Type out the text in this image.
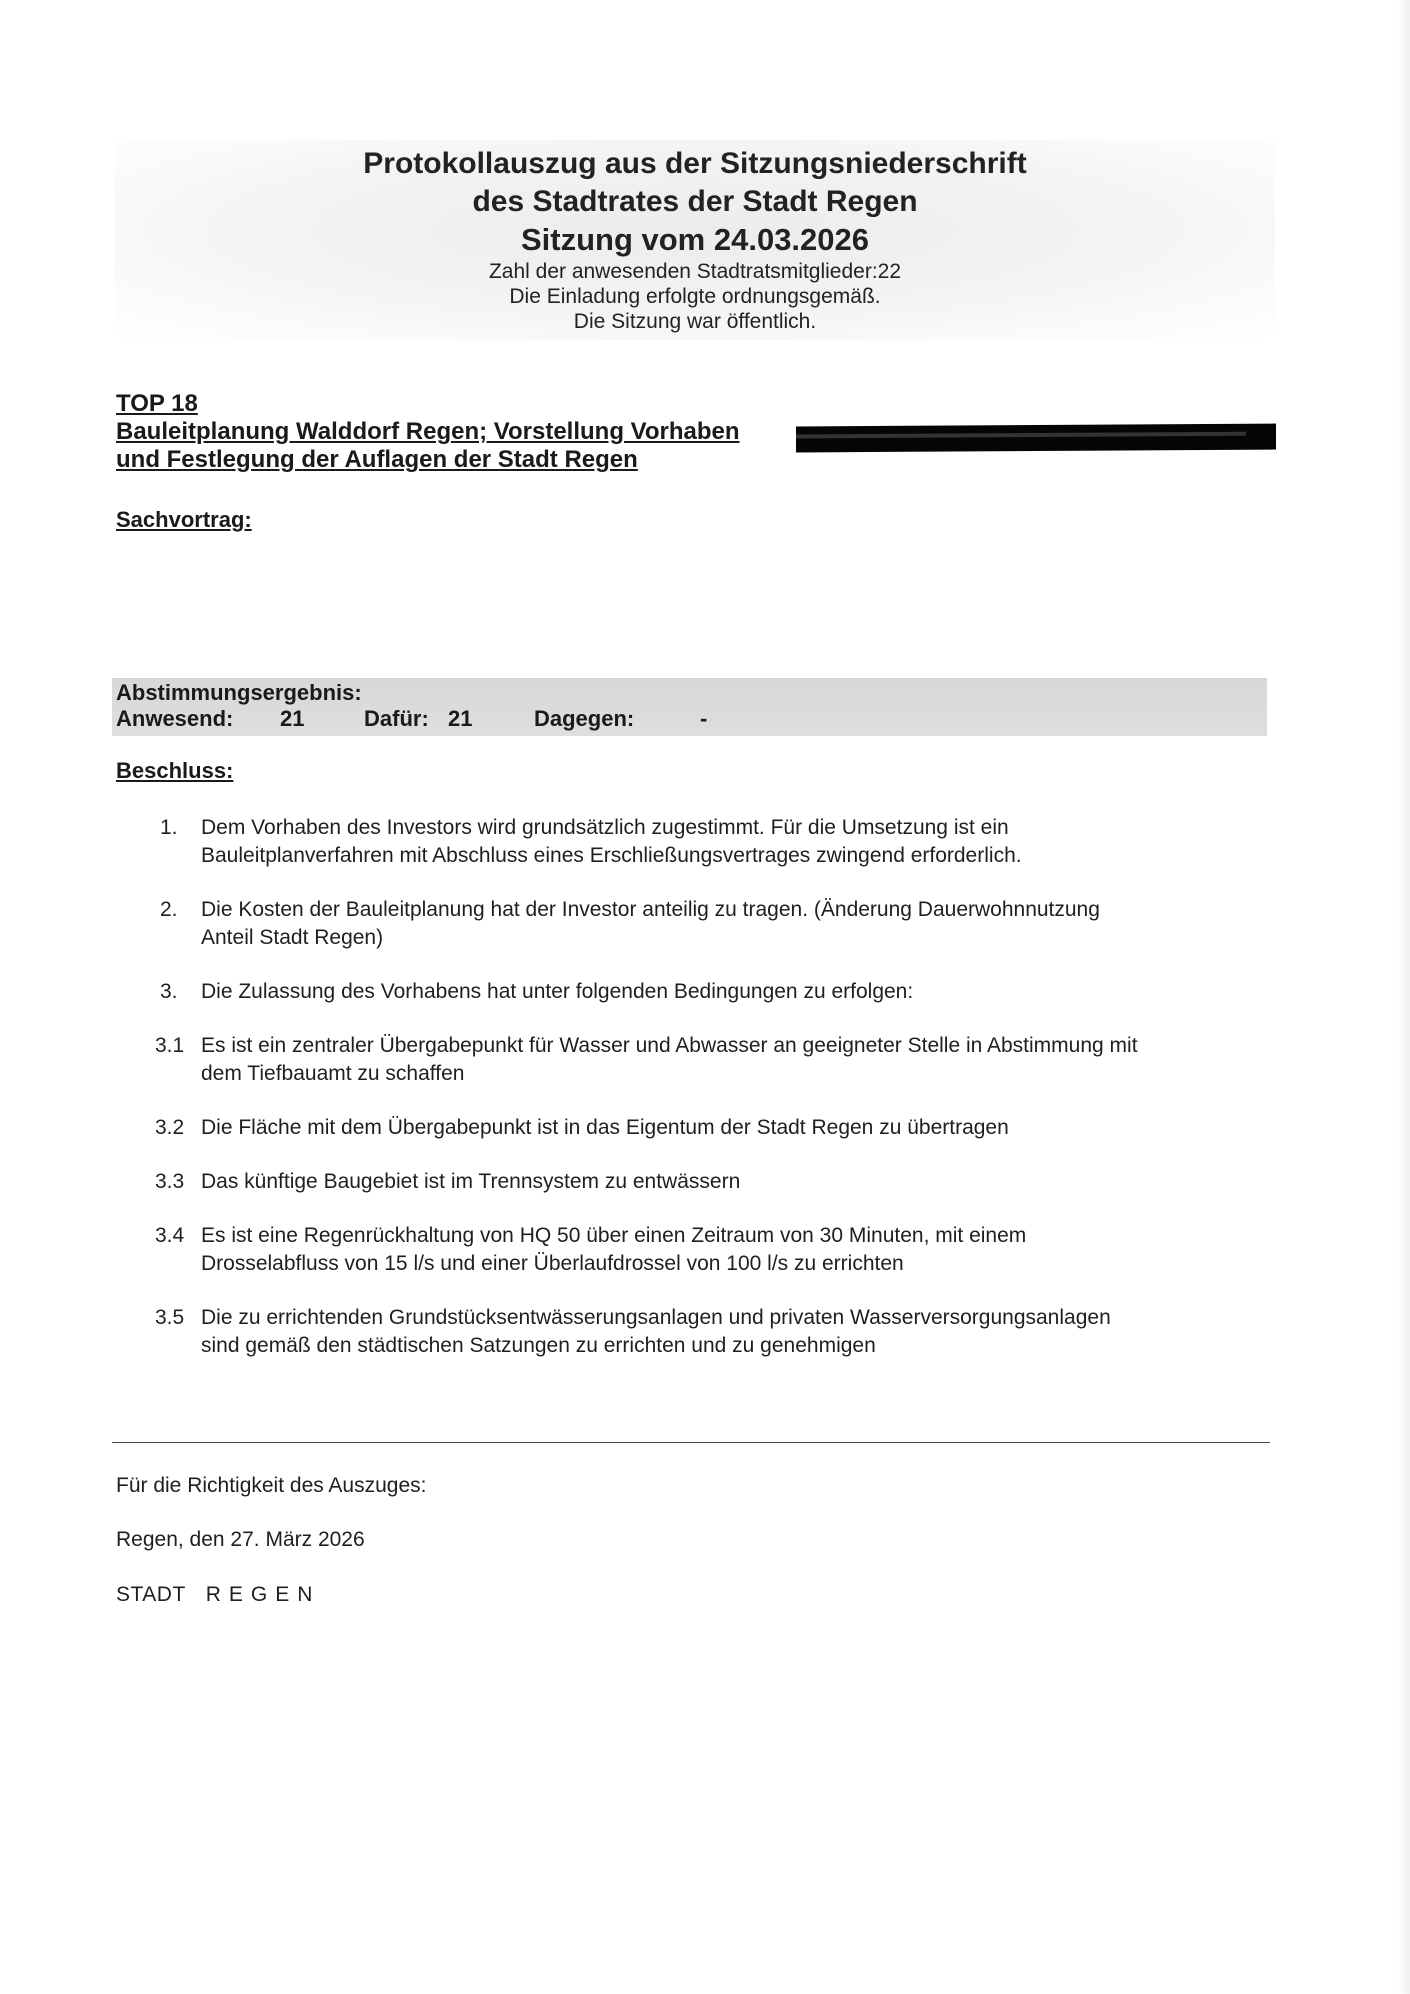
Protokollauszug aus der Sitzungsniederschrift
des Stadtrates der Stadt Regen
Sitzung vom 24.03.2026
Zahl der anwesenden Stadtratsmitglieder:22
Die Einladung erfolgte ordnungsgemäß.
Die Sitzung war öffentlich.
TOP 18
Bauleitplanung Walddorf Regen; Vorstellung Vorhaben
und Festlegung der Auflagen der Stadt Regen
Sachvortrag:
Abstimmungsergebnis:
Anwesend: 21	Dafür: 21	Dagegen:	-
Beschluss:
1. Dem Vorhaben des Investors wird grundsätzlich zugestimmt. Für die Umsetzung ist ein
Bauleitplanverfahren mit Abschluss eines Erschließungsvertrages zwingend erforderlich.
2. Die Kosten der Bauleitplanung hat der Investor anteilig zu tragen. (Änderung Dauerwohnnutzung
Anteil Stadt Regen)
3. Die Zulassung des Vorhabens hat unter folgenden Bedingungen zu erfolgen:
3.1 Es ist ein zentraler Übergabepunkt für Wasser und Abwasser an geeigneter Stelle in Abstimmung mit
dem Tiefbauamt zu schaffen
3.2 Die Fläche mit dem Übergabepunkt ist in das Eigentum der Stadt Regen zu übertragen
3.3 Das künftige Baugebiet ist im Trennsystem zu entwässern
3.4 Es ist eine Regenrückhaltung von HQ 50 über einen Zeitraum von 30 Minuten, mit einem
Drosselabfluss von 15 l/s und einer Überlaufdrossel von 100 l/s zu errichten
3.5 Die zu errichtenden Grundstücksentwässerungsanlagen und privaten Wasserversorgungsanlagen
sind gemäß den städtischen Satzungen zu errichten und zu genehmigen
Für die Richtigkeit des Auszuges:
Regen, den 27. März 2026
STADT REGEN
